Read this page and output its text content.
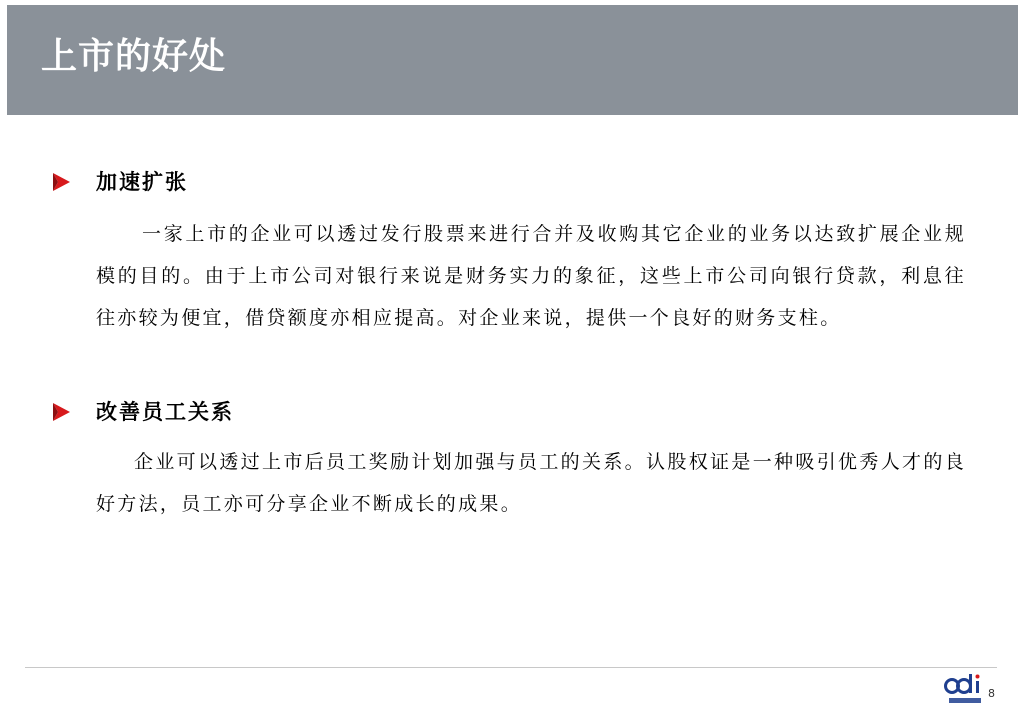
上市的好处
加速扩张

一家上市的企业可以透过发行股票来进行合并及收购其它企业的业务以达致扩展企业规模的目的。由于上市公司对银行来说是财务实力的象征，这些上市公司向银行贷款，利息往往亦较为便宜，借贷额度亦相应提高。对企业来说，提供一个良好的财务支柱。

改善员工关系

企业可以透过上市后员工奖励计划加强与员工的关系。认股权证是一种吸引优秀人才的良好方法，员工亦可分享企业不断成长的成果。

8
